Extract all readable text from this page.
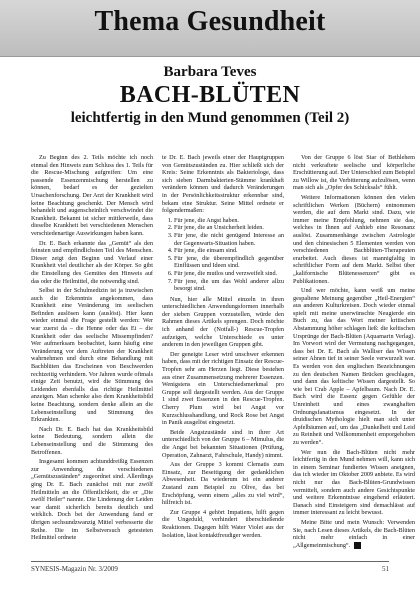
Thema Gesundheit
Barbara Teves
BACH-BLÜTEN
leichtfertig in den Mund genommen (Teil 2)

Zu Beginn des 2. Teils möchte ich noch einmal den Hinweis zum Schluss des 1. Teils für die Rescue-Mischung aufgreifen: Um eine passende Essenzenmischung herstellen zu können, bedarf es der gezielten Ursachenforschung. Der Arzt der Krankheit wird keine Beachtung geschenkt. Der Mensch wird behandelt und augenscheinlich verschwindet die Krankheit. Bekannt ist sicher mittlerweile, dass dieselbe Krankheit bei verschiedenen Menschen verschiedenartige Auswirkungen haben kann.

Dr. E. Bach erkannte das „Gemüt“ als den feinsten und empfindlichsten Teil des Menschen. Dieser zeigt den Beginn und Verlauf einer Krankheit viel deutlicher als der Körper. So gibt die Einstellung des Gemütes den Hinweis auf das oder die Heilmittel, die notwendig sind.

Selbst in der Schulmedizin ist ja inzwischen auch die Erkenntnis angekommen, dass Krankheit eine Veränderung im seelischen Befinden auslösen kann (auslöst). Hier kann wieder einmal die Frage gestellt werden: Wer war zuerst da – die Henne oder das Ei – die Krankheit oder das seelische Missempfinden? Wer aufmerksam beobachtet, kann häufig eine Veränderung vor dem Auftreten der Krankheit wahrnehmen und durch eine Behandlung mit Bachblüten das Erscheinen von Beschwerden rechtzeitig verhindern. Vor Jahren wurde oftmals einige Zeit benutzt, wird die Stimmung des Leidenden ebenfalls das richtige Heilmittel anzeigen. Man schenke also dem Krankheitsbild keine Beachtung, sondern denke allein an die Lebenseinstellung und Stimmung des Erkrankten.

Nach Dr. E. Bach hat das Krankheitsbild keine Bedeutung, sondern allein die Lebenseinstellung und die Stimmung des Betroffenen.

Insgesamt kommen achtunddreißig Essenzen zur Anwendung, die verschiedenen „Gemütszuständen“ zugeordnet sind. Allerdings ging Dr. E. Bach zunächst mit nur zwölf Heilmitteln an die Öffentlichkeit, die er „Die zwölf Heiler“ nannte. Die Lindenung der Leiden war damit sicherlich bereits deutlich und wirklich. Doch bei der Anwendung fand er übrigen sechsundzwanzig Mittel verbesserte die Reihe. Die im Selbstversuch getesteten Heilmittel ordnete

te Dr. E. Bach jeweils einer der Hauptgruppen von Gemütszuständen zu. Hier schließt sich der Kreis: Seine Erkenntnis als Bakteriologe, dass sich sieben Darmbakterien-Stämme krankhaft verändern können und dadurch Veränderungen in der Persönlichkeitsstruktur erkennbar sind, bekam eine Struktur. Seine Mittel ordnete er folgendermaßen:

1. Für jene, die Angst haben.
2. Für jene, die an Unsicherheit leiden.
3. Für jene, die nicht genügend Interesse an der Gegenwarts-Situation haben.
4. Für jene, die einsam sind.
5. Für jene, die überempfindlich gegenüber Einflüssen und Ideen sind.
6. Für jene, die mutlos und verzweifelt sind.
7. Für jene, die um das Wohl anderer allzu besorgt sind.

Nun, hier alle Mittel einzeln in ihren unterschiedlichen Anwendungsformen innerhalb der sieben Gruppen vorzustellen, würde den Rahmen dieses Artikels sprengen. Doch möchte ich anhand der (Notfall-) Rescue-Tropfen aufzeigen, welche Unterschiede es unter anderem in den jeweiligen Gruppen gibt.

Der geneigte Leser wird unschwer erkennen haben, dass mit der richtigen Einsatz der Rescue-Tropfen sehr am Herzen liegt. Diese bestehen aus einer Zusammensetzung mehrerer Essenzen. Wenigstens ein Unterschiedsmerkmal pro Gruppe soll dargestellt werden. Aus der Gruppe 1 sind zwei Essenzen in den Rescue-Tropfen. Cherry Plum wird bei Angst vor Kurzschlusshandlung, und Rock Rose bei Angst in Panik ausgelöst eingesetzt.

Beide Angstzustände sind in ihrer Art unterschiedlich von der Gruppe 6 – Mimulus, die die Angst bei bekannten Situationen (Prüfung, Operation, Zahnarzt, Fahrschule, Handy) nimmt.

Aus der Gruppe 3 kommt Clematis zum Einsatz, zur Beseitigung der gedanklichen Abwesenheit. Da wiederum ist ein anderer Zustand zum Beispiel zu Olive, das bei Erschöpfung, wenn einem „alles zu viel wird“, hilfreich ist.

Zur Gruppe 4 gehört Impatiens, hilft gegen die Ungeduld, verhindert überschießende Reaktionen. Dagegen hilft Water Violet aus der Isolation, lässt kontaktfreudiger werden.

Von der Gruppe 6 löst Star of Bethlehem nicht verkraftete seelische und körperliche Erschütterung auf. Der Unterschied zum Beispiel zu Willow ist, die Verbitterung aufzulösen, wenn man sich als „Opfer des Schicksals“ fühlt.

Weitere Informationen können den vielen schriftlichen Werken (Büchern) entnommen werden, die auf dem Markt sind. Dazu, wie immer meine Empfehlung, nehmen sie das, welches in Ihnen auf Anhieb eine Resonanz auslöst. Zusammenhänge zwischen Astrologie und den chinesischen 5 Elementen werden von verschiedenen Bachblüten-Therapeuten erarbeitet. Auch dieses ist mannigfaltig in schriftlicher Form auf dem Markt. Selbst über „kalifornische Blütenessenzen“ gibt es Publikationen.

Und wer möchte, kann weiß um meine gespaltene Meinung gegenüber „Heil-Energien“ aus anderen Kulturkreisen. Doch wieder einmal spielt mit meine unerwünschte Neugierde ein Buch zu, das das Wort meiner kritischen Abstammung höher schlagen ließ: die keltischen Ursprünge der Bach-Blüten (Aquamarin Verlag). Im Vorwort wird der Vermutung nachgegangen, dass bei Dr. E. Bach als Walliser das Wissen seiner Ahnen tief in seiner Seele verwurzelt war. Es werden von den englischen Bezeichnungen zu den deutschen Namen Brücken geschlagen, und dann das keltische Wissen dargestellt. So wie bei Crab Apple – Apfelbaum. Nach Dr. E. Bach wird die Essenz gegen Gefühle der Unreinheit und eines zwanghaften Ordnungsfanatismus eingesetzt. In der druidischen Mythologie hielt man sich unter Apfelbäumen auf, um das „Dunkelheit und Leid zu Reinheit und Vollkommenheit emporgehoben zu werden“.

Wer nun die Bach-Blüten nicht mehr leichtfertig in den Mund nehmen will, kann sich in einem Seminar fundiertes Wissen aneignen, das ich wieder im Oktober 2009 anbiete. Es wird nicht nur das Bach-Blüten-Grundwissen vermittelt, sondern auch andere Gesichtspunkte und weitere Erkenntnisse eingehend erläutert. Danach sind Einsteigern sind demachlässt auf immer interessant zu leicht bewusst.

Meine Bitte und mein Wunsch: Verwenden Sie, nach Lesen dieses Artikels, die Bach-Blüten nicht mehr einfach in einer „Allgemeinmischung“.

SYNESIS-Magazin Nr. 3/2009	51
